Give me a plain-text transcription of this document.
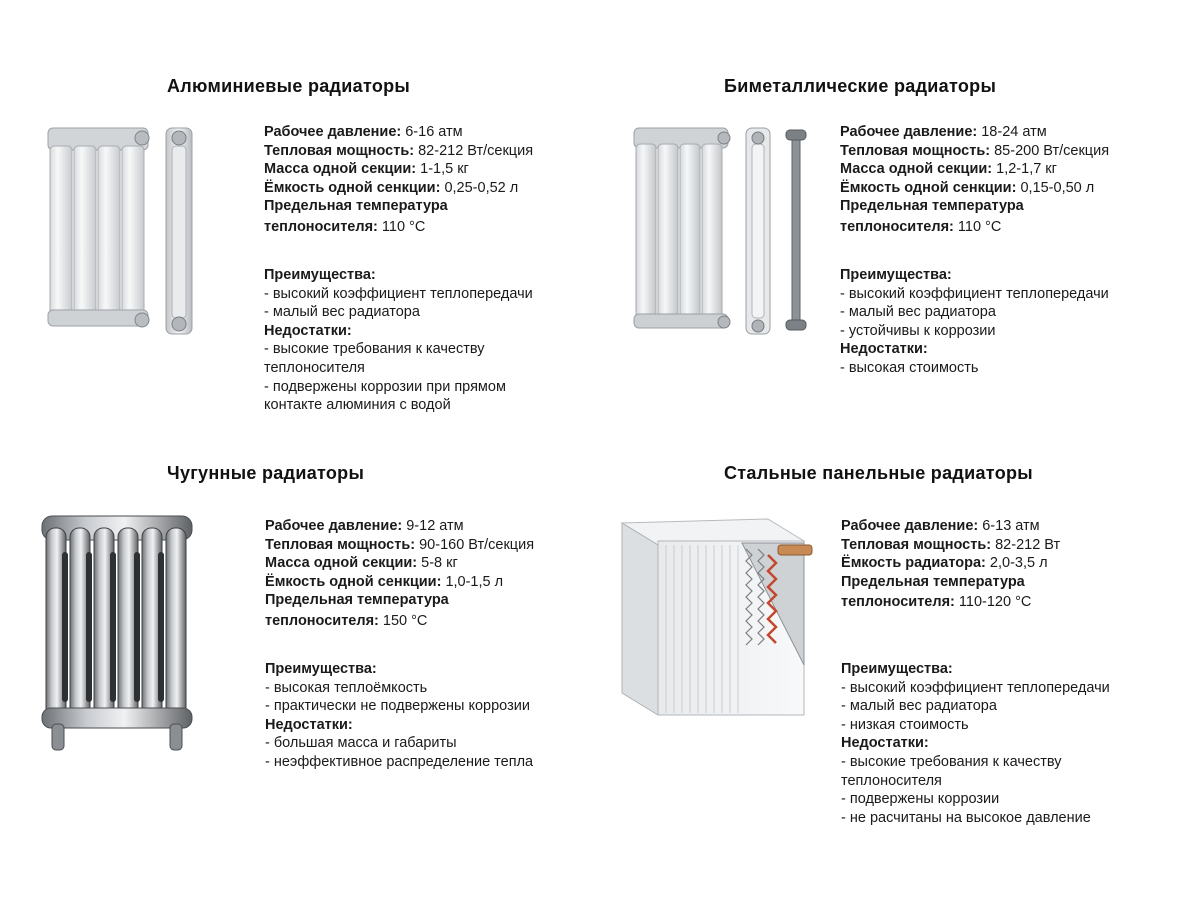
Алюминиевые радиаторы
Рабочее давление: 6-16 атм
Тепловая мощность: 82-212 Вт/секция
Масса одной секции: 1-1,5 кг
Ёмкость одной сенкции: 0,25-0,52 л
Предельная температура
теплоносителя: 110 °С
Преимущества:
- высокий коэффициент теплопередачи
- малый вес радиатора
Недостатки:
- высокие требования к качеству
теплоносителя
- подвержены коррозии при прямом
контакте алюминия с водой
Биметаллические радиаторы
Рабочее давление: 18-24 атм
Тепловая мощность: 85-200 Вт/секция
Масса одной секции: 1,2-1,7 кг
Ёмкость одной сенкции: 0,15-0,50 л
Предельная температура
теплоносителя: 110 °С
Преимущества:
- высокий коэффициент теплопередачи
- малый вес радиатора
- устойчивы к коррозии
Недостатки:
- высокая стоимость
Чугунные радиаторы
Рабочее давление: 9-12 атм
Тепловая мощность: 90-160 Вт/секция
Масса одной секции: 5-8 кг
Ёмкость одной сенкции: 1,0-1,5 л
Предельная температура
теплоносителя: 150 °С
Преимущества:
- высокая теплоёмкость
- практически не подвержены коррозии
Недостатки:
- большая масса и габариты
- неэффективное распределение тепла
Стальные панельные радиаторы
Рабочее давление: 6-13 атм
Тепловая мощность: 82-212 Вт
Ёмкость радиатора: 2,0-3,5 л
Предельная температура
теплоносителя: 110-120 °С
Преимущества:
- высокий коэффициент теплопередачи
- малый вес радиатора
- низкая стоимость
Недостатки:
- высокие требования к качеству
теплоносителя
- подвержены коррозии
- не расчитаны на высокое давление
